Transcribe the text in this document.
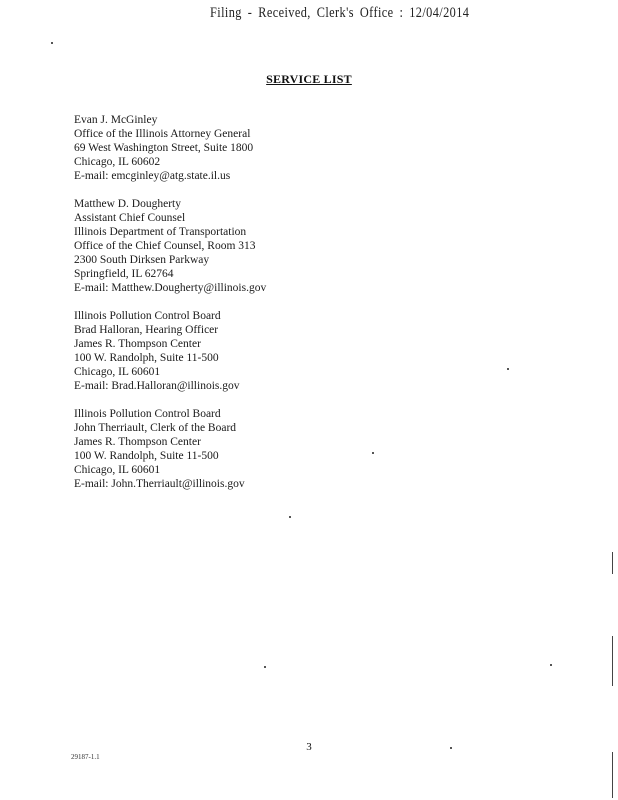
Filing - Received, Clerk's Office : 12/04/2014
SERVICE LIST
Evan J. McGinley
Office of the Illinois Attorney General
69 West Washington Street, Suite 1800
Chicago, IL 60602
E-mail: emcginley@atg.state.il.us
Matthew D. Dougherty
Assistant Chief Counsel
Illinois Department of Transportation
Office of the Chief Counsel, Room 313
2300 South Dirksen Parkway
Springfield, IL 62764
E-mail: Matthew.Dougherty@illinois.gov
Illinois Pollution Control Board
Brad Halloran, Hearing Officer
James R. Thompson Center
100 W. Randolph, Suite 11-500
Chicago, IL 60601
E-mail: Brad.Halloran@illinois.gov
Illinois Pollution Control Board
John Therriault, Clerk of the Board
James R. Thompson Center
100 W. Randolph, Suite 11-500
Chicago, IL 60601
E-mail: John.Therriault@illinois.gov
3
29187-1.1
